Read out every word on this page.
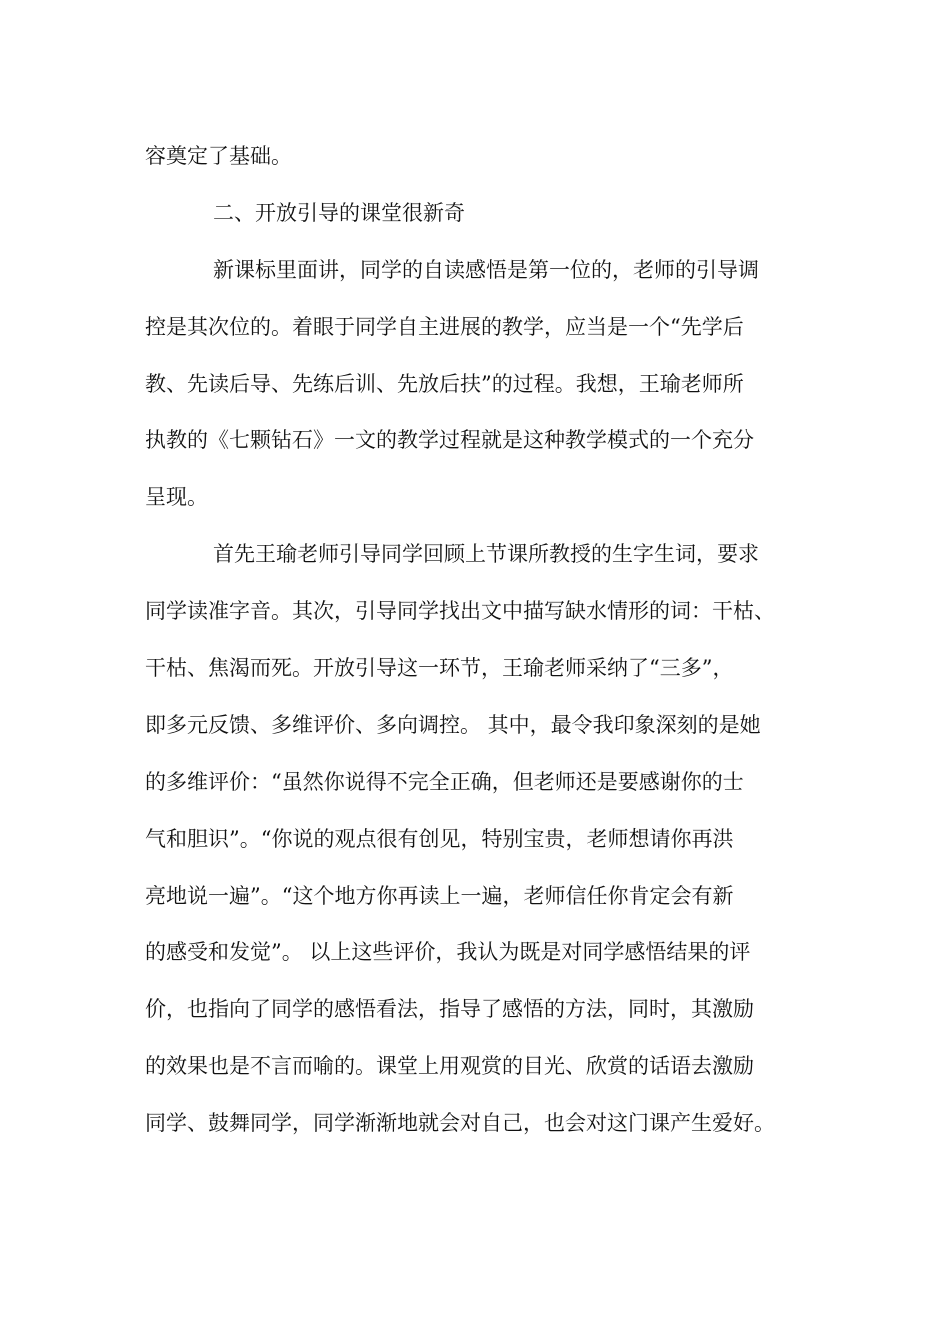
容奠定了基础。

二、开放引导的课堂很新奇

新课标里面讲，同学的自读感悟是第一位的，老师的引导调

控是其次位的。着眼于同学自主进展的教学，应当是一个“先学后

教、先读后导、先练后训、先放后扶”的过程。我想，王瑜老师所

执教的《七颗钻石》一文的教学过程就是这种教学模式的一个充分

呈现。

首先王瑜老师引导同学回顾上节课所教授的生字生词，要求

同学读准字音。其次，引导同学找出文中描写缺水情形的词：干枯、

干枯、焦渴而死。开放引导这一环节，王瑜老师采纳了“三多”，

即多元反馈、多维评价、多向调控。 其中，最令我印象深刻的是她

的多维评价：“虽然你说得不完全正确，但老师还是要感谢你的士

气和胆识”。“你说的观点很有创见，特别宝贵，老师想请你再洪

亮地说一遍”。“这个地方你再读上一遍，老师信任你肯定会有新

的感受和发觉”。 以上这些评价，我认为既是对同学感悟结果的评

价，也指向了同学的感悟看法，指导了感悟的方法，同时，其激励

的效果也是不言而喻的。课堂上用观赏的目光、欣赏的话语去激励

同学、鼓舞同学，同学渐渐地就会对自己，也会对这门课产生爱好。
